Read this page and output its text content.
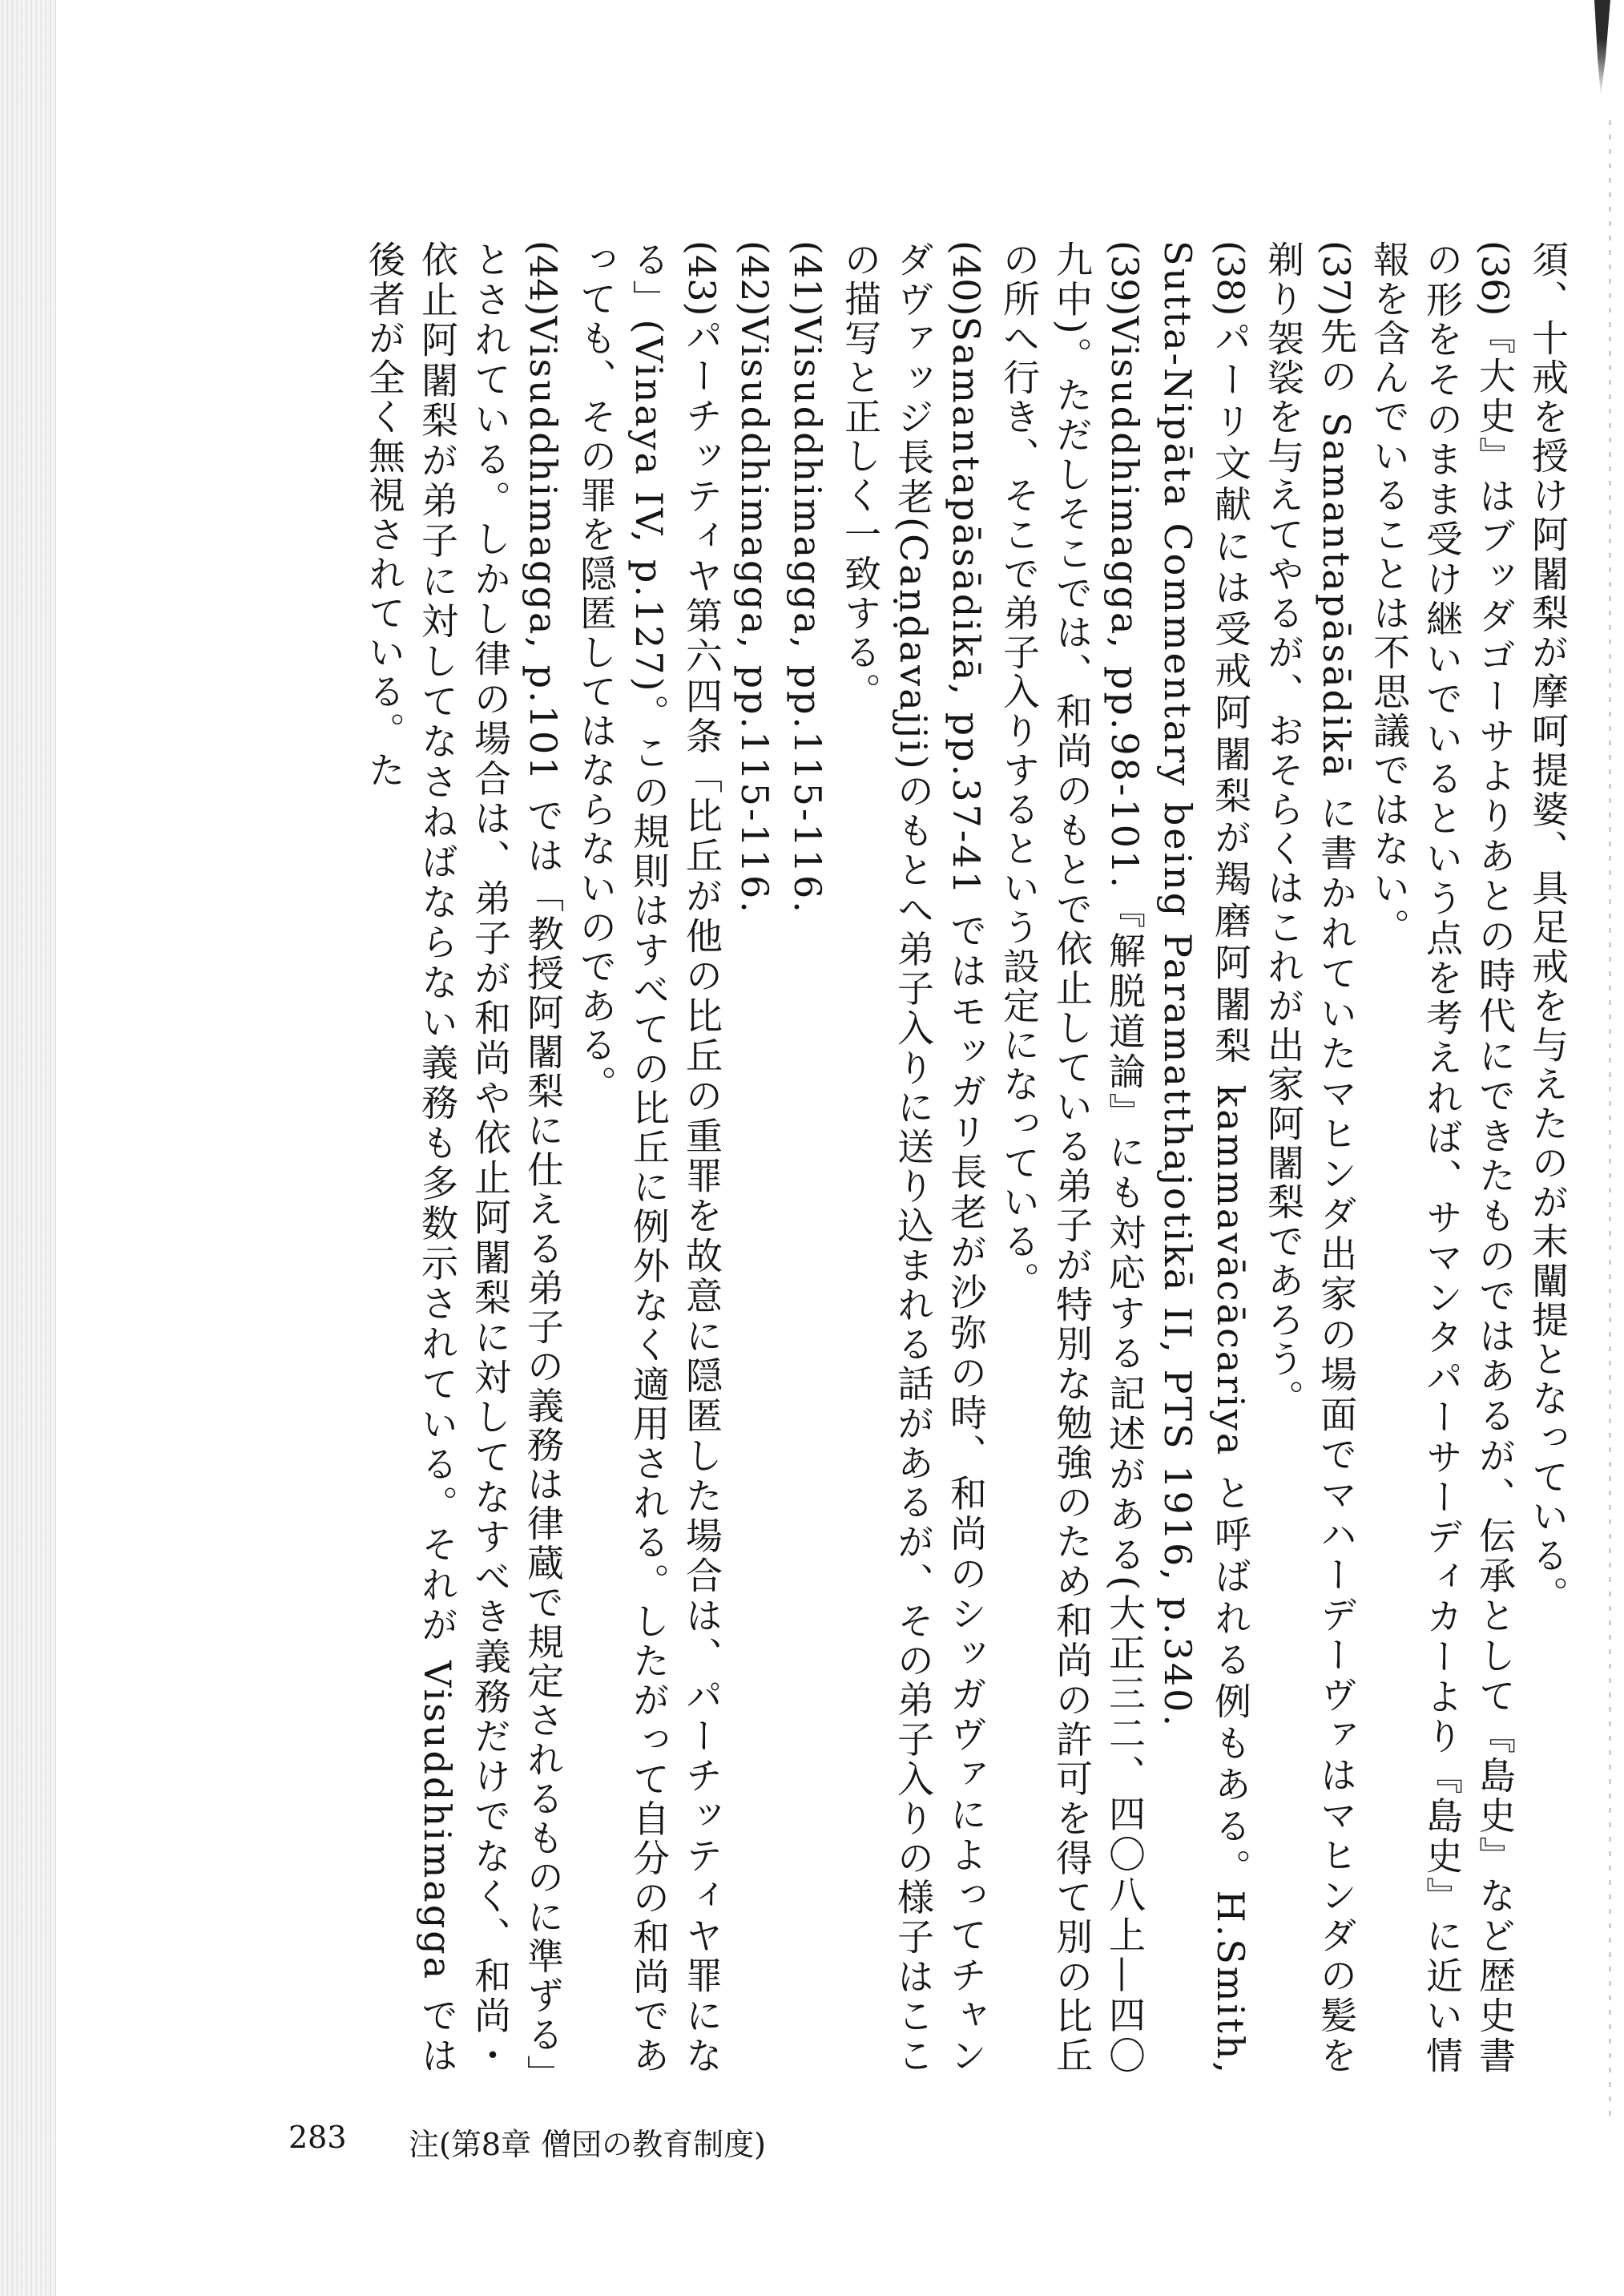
須、十戒を授け阿闍梨が摩呵提婆、具足戒を与えたのが末闡提となっている。

(36)『大史』はブッダゴーサよりあとの時代にできたものではあるが、伝承として『島史』など歴史書の形をそのまま受け継いでいるという点を考えれば、サマンタパーサーディカーより『島史』に近い情報を含んでいることは不思議ではない。

(37)先の Samantapāsādikā に書かれていたマヒンダ出家の場面でマハーデーヴァはマヒンダの髪を剃り袈裟を与えてやるが、おそらくはこれが出家阿闍梨であろう。

(38)パーリ文献には受戒阿闍梨が羯磨阿闍梨 kammavācācariya と呼ばれる例もある。H.Smith, Sutta-Nipāta Commentary being Paramatthajotikā II, PTS 1916, p.340.

(39)Visuddhimagga, pp.98-101.『解脱道論』にも対応する記述がある(大正三二、四〇八上—四〇九中)。ただしそこでは、和尚のもとで依止している弟子が特別な勉強のため和尚の許可を得て別の比丘の所へ行き、そこで弟子入りするという設定になっている。

(40)Samantapāsādikā, pp.37-41 ではモッガリ長老が沙弥の時、和尚のシッガヴァによってチャンダヴァッジ長老(Caṇḍavajji)のもとへ弟子入りに送り込まれる話があるが、その弟子入りの様子はここの描写と正しく一致する。

(41)Visuddhimagga, pp.115-116.

(42)Visuddhimagga, pp.115-116.

(43)パーチッティヤ第六四条「比丘が他の比丘の重罪を故意に隠匿した場合は、パーチッティヤ罪になる」(Vinaya IV, p.127)。この規則はすべての比丘に例外なく適用される。したがって自分の和尚であっても、その罪を隠匿してはならないのである。

(44)Visuddhimagga, p.101 では「教授阿闍梨に仕える弟子の義務は律蔵で規定されるものに準ずる」とされている。しかし律の場合は、弟子が和尚や依止阿闍梨に対してなすべき義務だけでなく、和尚・依止阿闍梨が弟子に対してなさねばならない義務も多数示されている。それが Visuddhimagga では後者が全く無視されている。た

283 注(第8章 僧団の教育制度)
